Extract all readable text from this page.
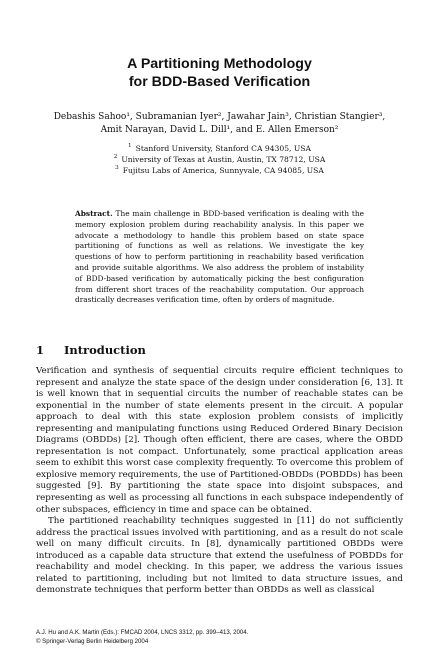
A Partitioning Methodology
for BDD-Based Verification
Debashis Sahoo¹, Subramanian Iyer², Jawahar Jain³, Christian Stangier³,
Amit Narayan, David L. Dill¹, and E. Allen Emerson²
$^1$ Stanford University, Stanford CA 94305, USA
$^2$ University of Texas at Austin, Austin, TX 78712, USA
$^3$ Fujitsu Labs of America, Sunnyvale, CA 94085, USA
Abstract. The main challenge in BDD-based verification is dealing with the memory explosion problem during reachability analysis. In this paper we advocate a methodology to handle this problem based on state space partitioning of functions as well as relations. We investigate the key questions of how to perform partitioning in reachability based verification and provide suitable algorithms. We also address the problem of instability of BDD-based verification by automatically picking the best configuration from different short traces of the reachability computation. Our approach drastically decreases verification time, often by orders of magnitude.
1 Introduction

Verification and synthesis of sequential circuits require efficient techniques to represent and analyze the state space of the design under consideration [6, 13]. It is well known that in sequential circuits the number of reachable states can be exponential in the number of state elements present in the circuit. A popular approach to deal with this state explosion problem consists of implicitly representing and manipulating functions using Reduced Ordered Binary Decision Diagrams (OBDDs) [2]. Though often efficient, there are cases, where the OBDD representation is not compact. Unfortunately, some practical application areas seem to exhibit this worst case complexity frequently. To overcome this problem of explosive memory requirements, the use of Partitioned-OBDDs (POBDDs) has been suggested [9]. By partitioning the state space into disjoint subspaces, and representing as well as processing all functions in each subspace independently of other subspaces, efficiency in time and space can be obtained.

The partitioned reachability techniques suggested in [11] do not sufficiently address the practical issues involved with partitioning, and as a result do not scale well on many difficult circuits. In [8], dynamically partitioned OBDDs were introduced as a capable data structure that extend the usefulness of POBDDs for reachability and model checking. In this paper, we address the various issues related to partitioning, including but not limited to data structure issues, and demonstrate techniques that perform better than OBDDs as well as classical

A.J. Hu and A.K. Martin (Eds.): FMCAD 2004, LNCS 3312, pp. 399–413, 2004.
© Springer-Verlag Berlin Heidelberg 2004
